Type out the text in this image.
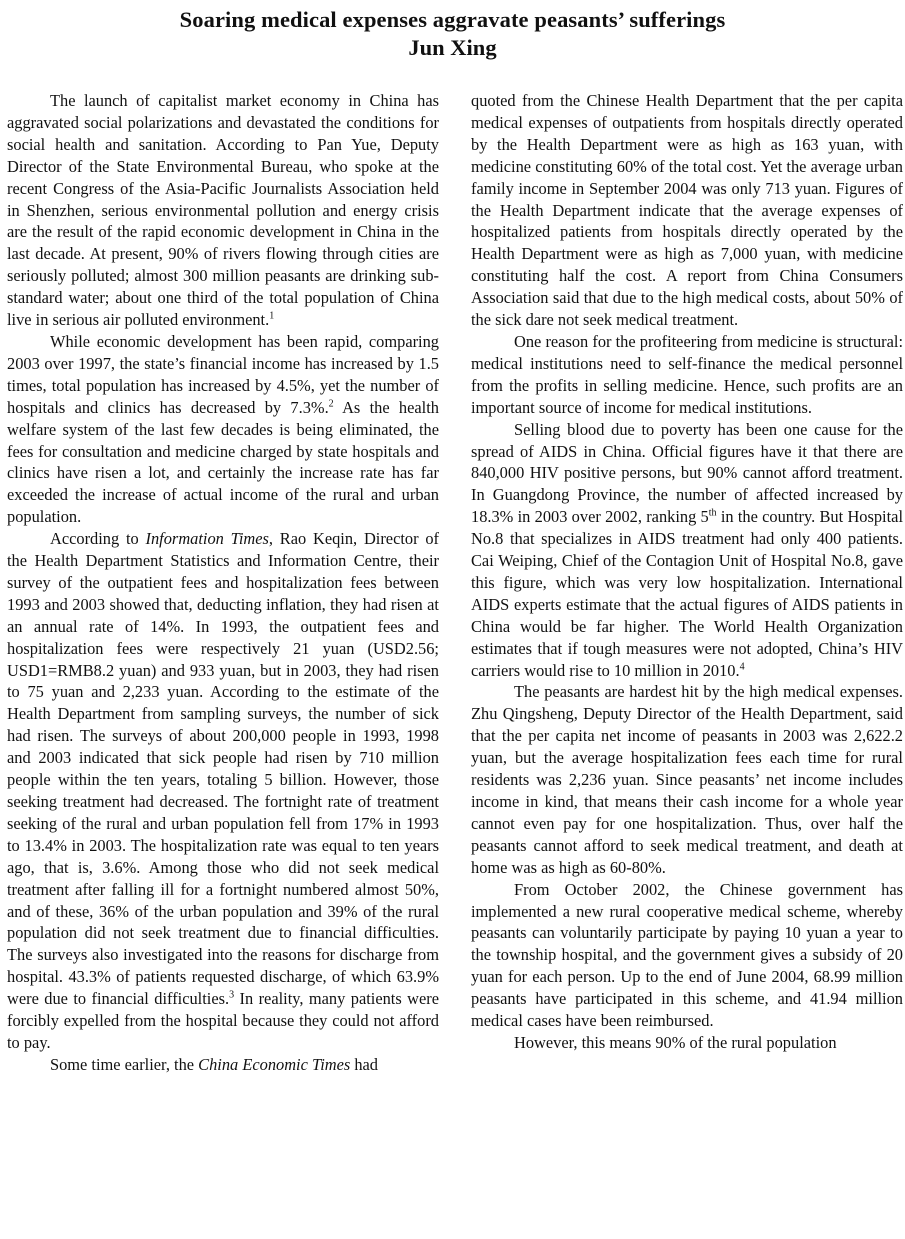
Soaring medical expenses aggravate peasants’ sufferings
Jun Xing

The launch of capitalist market economy in China has aggravated social polarizations and devastated the conditions for social health and sanitation. According to Pan Yue, Deputy Director of the State Environmental Bureau, who spoke at the recent Congress of the Asia-Pacific Journalists Association held in Shenzhen, serious environmental pollution and energy crisis are the result of the rapid economic development in China in the last decade. At present, 90% of rivers flowing through cities are seriously polluted; almost 300 million peasants are drinking sub-standard water; about one third of the total population of China live in serious air polluted environment.$^1$

While economic development has been rapid, comparing 2003 over 1997, the state’s financial income has increased by 1.5 times, total population has increased by 4.5%, yet the number of hospitals and clinics has decreased by 7.3%.$^2$ As the health welfare system of the last few decades is being eliminated, the fees for consultation and medicine charged by state hospitals and clinics have risen a lot, and certainly the increase rate has far exceeded the increase of actual income of the rural and urban population.

According to Information Times, Rao Keqin, Director of the Health Department Statistics and Information Centre, their survey of the outpatient fees and hospitalization fees between 1993 and 2003 showed that, deducting inflation, they had risen at an annual rate of 14%. In 1993, the outpatient fees and hospitalization fees were respectively 21 yuan (USD2.56; USD1=RMB8.2 yuan) and 933 yuan, but in 2003, they had risen to 75 yuan and 2,233 yuan. According to the estimate of the Health Department from sampling surveys, the number of sick had risen. The surveys of about 200,000 people in 1993, 1998 and 2003 indicated that sick people had risen by 710 million people within the ten years, totaling 5 billion. However, those seeking treatment had decreased. The fortnight rate of treatment seeking of the rural and urban population fell from 17% in 1993 to 13.4% in 2003. The hospitalization rate was equal to ten years ago, that is, 3.6%. Among those who did not seek medical treatment after falling ill for a fortnight numbered almost 50%, and of these, 36% of the urban population and 39% of the rural population did not seek treatment due to financial difficulties. The surveys also investigated into the reasons for discharge from hospital. 43.3% of patients requested discharge, of which 63.9% were due to financial difficulties.$^3$ In reality, many patients were forcibly expelled from the hospital because they could not afford to pay.

Some time earlier, the China Economic Times had

quoted from the Chinese Health Department that the per capita medical expenses of outpatients from hospitals directly operated by the Health Department were as high as 163 yuan, with medicine constituting 60% of the total cost. Yet the average urban family income in September 2004 was only 713 yuan. Figures of the Health Department indicate that the average expenses of hospitalized patients from hospitals directly operated by the Health Department were as high as 7,000 yuan, with medicine constituting half the cost. A report from China Consumers Association said that due to the high medical costs, about 50% of the sick dare not seek medical treatment.

One reason for the profiteering from medicine is structural: medical institutions need to self-finance the medical personnel from the profits in selling medicine. Hence, such profits are an important source of income for medical institutions.

Selling blood due to poverty has been one cause for the spread of AIDS in China. Official figures have it that there are 840,000 HIV positive persons, but 90% cannot afford treatment. In Guangdong Province, the number of affected increased by 18.3% in 2003 over 2002, ranking 5th in the country. But Hospital No.8 that specializes in AIDS treatment had only 400 patients. Cai Weiping, Chief of the Contagion Unit of Hospital No.8, gave this figure, which was very low hospitalization. International AIDS experts estimate that the actual figures of AIDS patients in China would be far higher. The World Health Organization estimates that if tough measures were not adopted, China’s HIV carriers would rise to 10 million in 2010.$^4$

The peasants are hardest hit by the high medical expenses. Zhu Qingsheng, Deputy Director of the Health Department, said that the per capita net income of peasants in 2003 was 2,622.2 yuan, but the average hospitalization fees each time for rural residents was 2,236 yuan. Since peasants’ net income includes income in kind, that means their cash income for a whole year cannot even pay for one hospitalization. Thus, over half the peasants cannot afford to seek medical treatment, and death at home was as high as 60-80%.

From October 2002, the Chinese government has implemented a new rural cooperative medical scheme, whereby peasants can voluntarily participate by paying 10 yuan a year to the township hospital, and the government gives a subsidy of 20 yuan for each person. Up to the end of June 2004, 68.99 million peasants have participated in this scheme, and 41.94 million medical cases have been reimbursed.

However, this means 90% of the rural population
